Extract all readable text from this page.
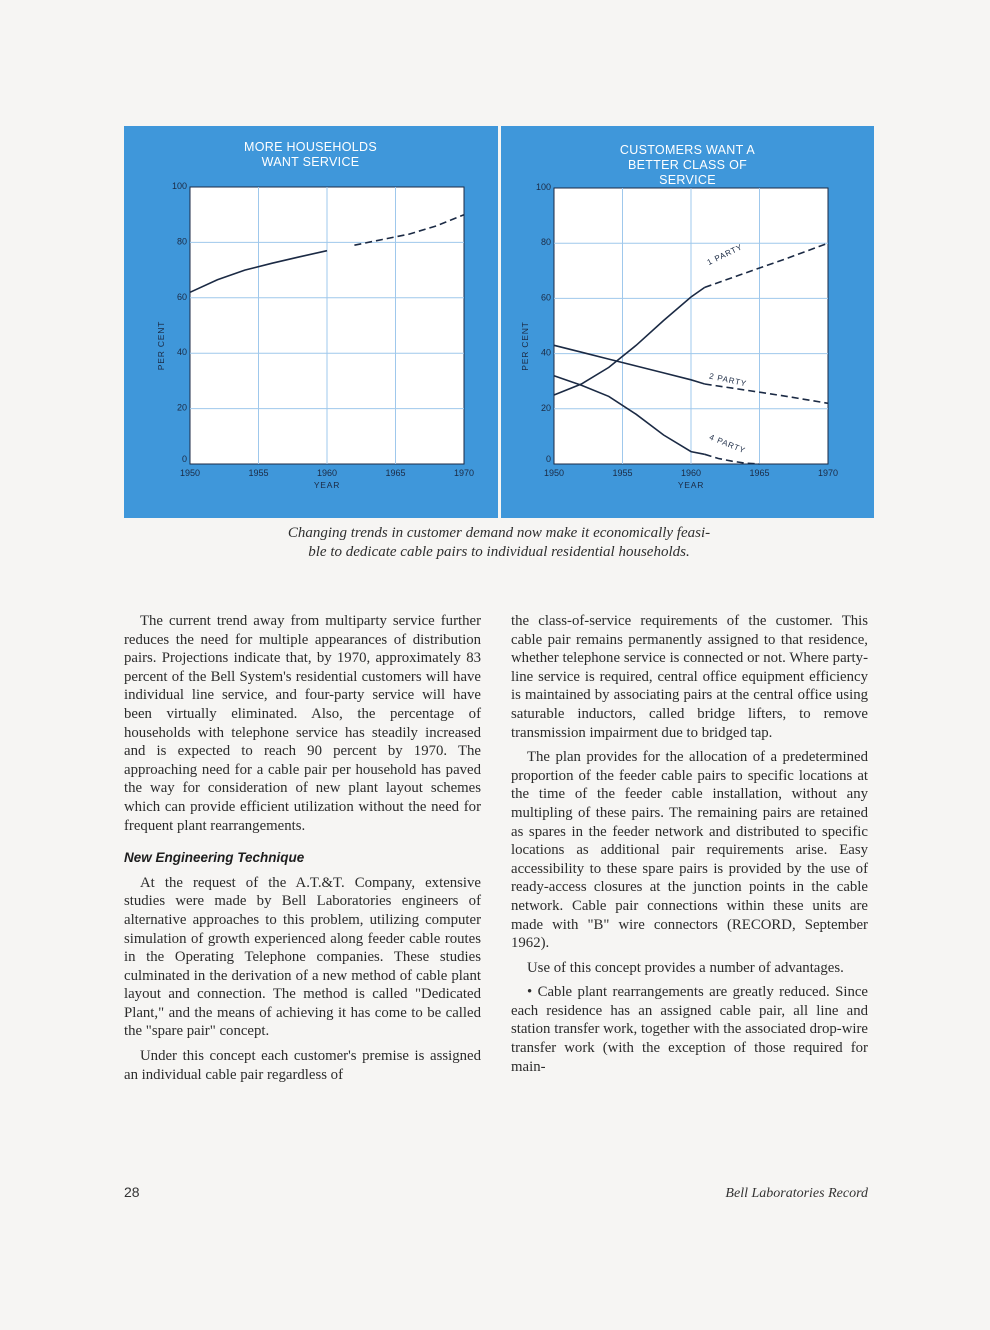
MORE HOUSEHOLDS WANT SERVICE
1950	1955	1960	1965	1970
0
20
40
60
80
100
YEAR
PER CENT
CUSTOMERS WANT A BETTER CLASS OF SERVICE
1950	1955	1960	1965	1970
0
20
40
60
80
100
YEAR
PER CENT
1 PARTY
2 PARTY
4 PARTY
Changing trends in customer demand now make it economically feasi-
ble to dedicate cable pairs to individual residential households.

The current trend away from multiparty service further reduces the need for multiple appearances of distribution pairs. Projections indicate that, by 1970, approximately 83 percent of the Bell System's residential customers will have individual line service, and four-party service will have been virtually eliminated. Also, the percentage of households with telephone service has steadily increased and is expected to reach 90 percent by 1970. The approaching need for a cable pair per household has paved the way for consideration of new plant layout schemes which can provide efficient utilization without the need for frequent plant rearrangements.

New Engineering Technique

At the request of the A.T.&T. Company, extensive studies were made by Bell Laboratories engineers of alternative approaches to this problem, utilizing computer simulation of growth experienced along feeder cable routes in the Operating Telephone companies. These studies culminated in the derivation of a new method of cable plant layout and connection. The method is called "Dedicated Plant," and the means of achieving it has come to be called the "spare pair" concept.

Under this concept each customer's premise is assigned an individual cable pair regardless of

the class-of-service requirements of the customer. This cable pair remains permanently assigned to that residence, whether telephone service is connected or not. Where party-line service is required, central office equipment efficiency is maintained by associating pairs at the central office using saturable inductors, called bridge lifters, to remove transmission impairment due to bridged tap.

The plan provides for the allocation of a predetermined proportion of the feeder cable pairs to specific locations at the time of the feeder cable installation, without any multipling of these pairs. The remaining pairs are retained as spares in the feeder network and distributed to specific locations as additional pair requirements arise. Easy accessibility to these spare pairs is provided by the use of ready-access closures at the junction points in the cable network. Cable pair connections within these units are made with "B" wire connectors (RECORD, September 1962).

Use of this concept provides a number of advantages.

• Cable plant rearrangements are greatly reduced. Since each residence has an assigned cable pair, all line and station transfer work, together with the associated drop-wire transfer work (with the exception of those required for main-

28	Bell Laboratories Record
